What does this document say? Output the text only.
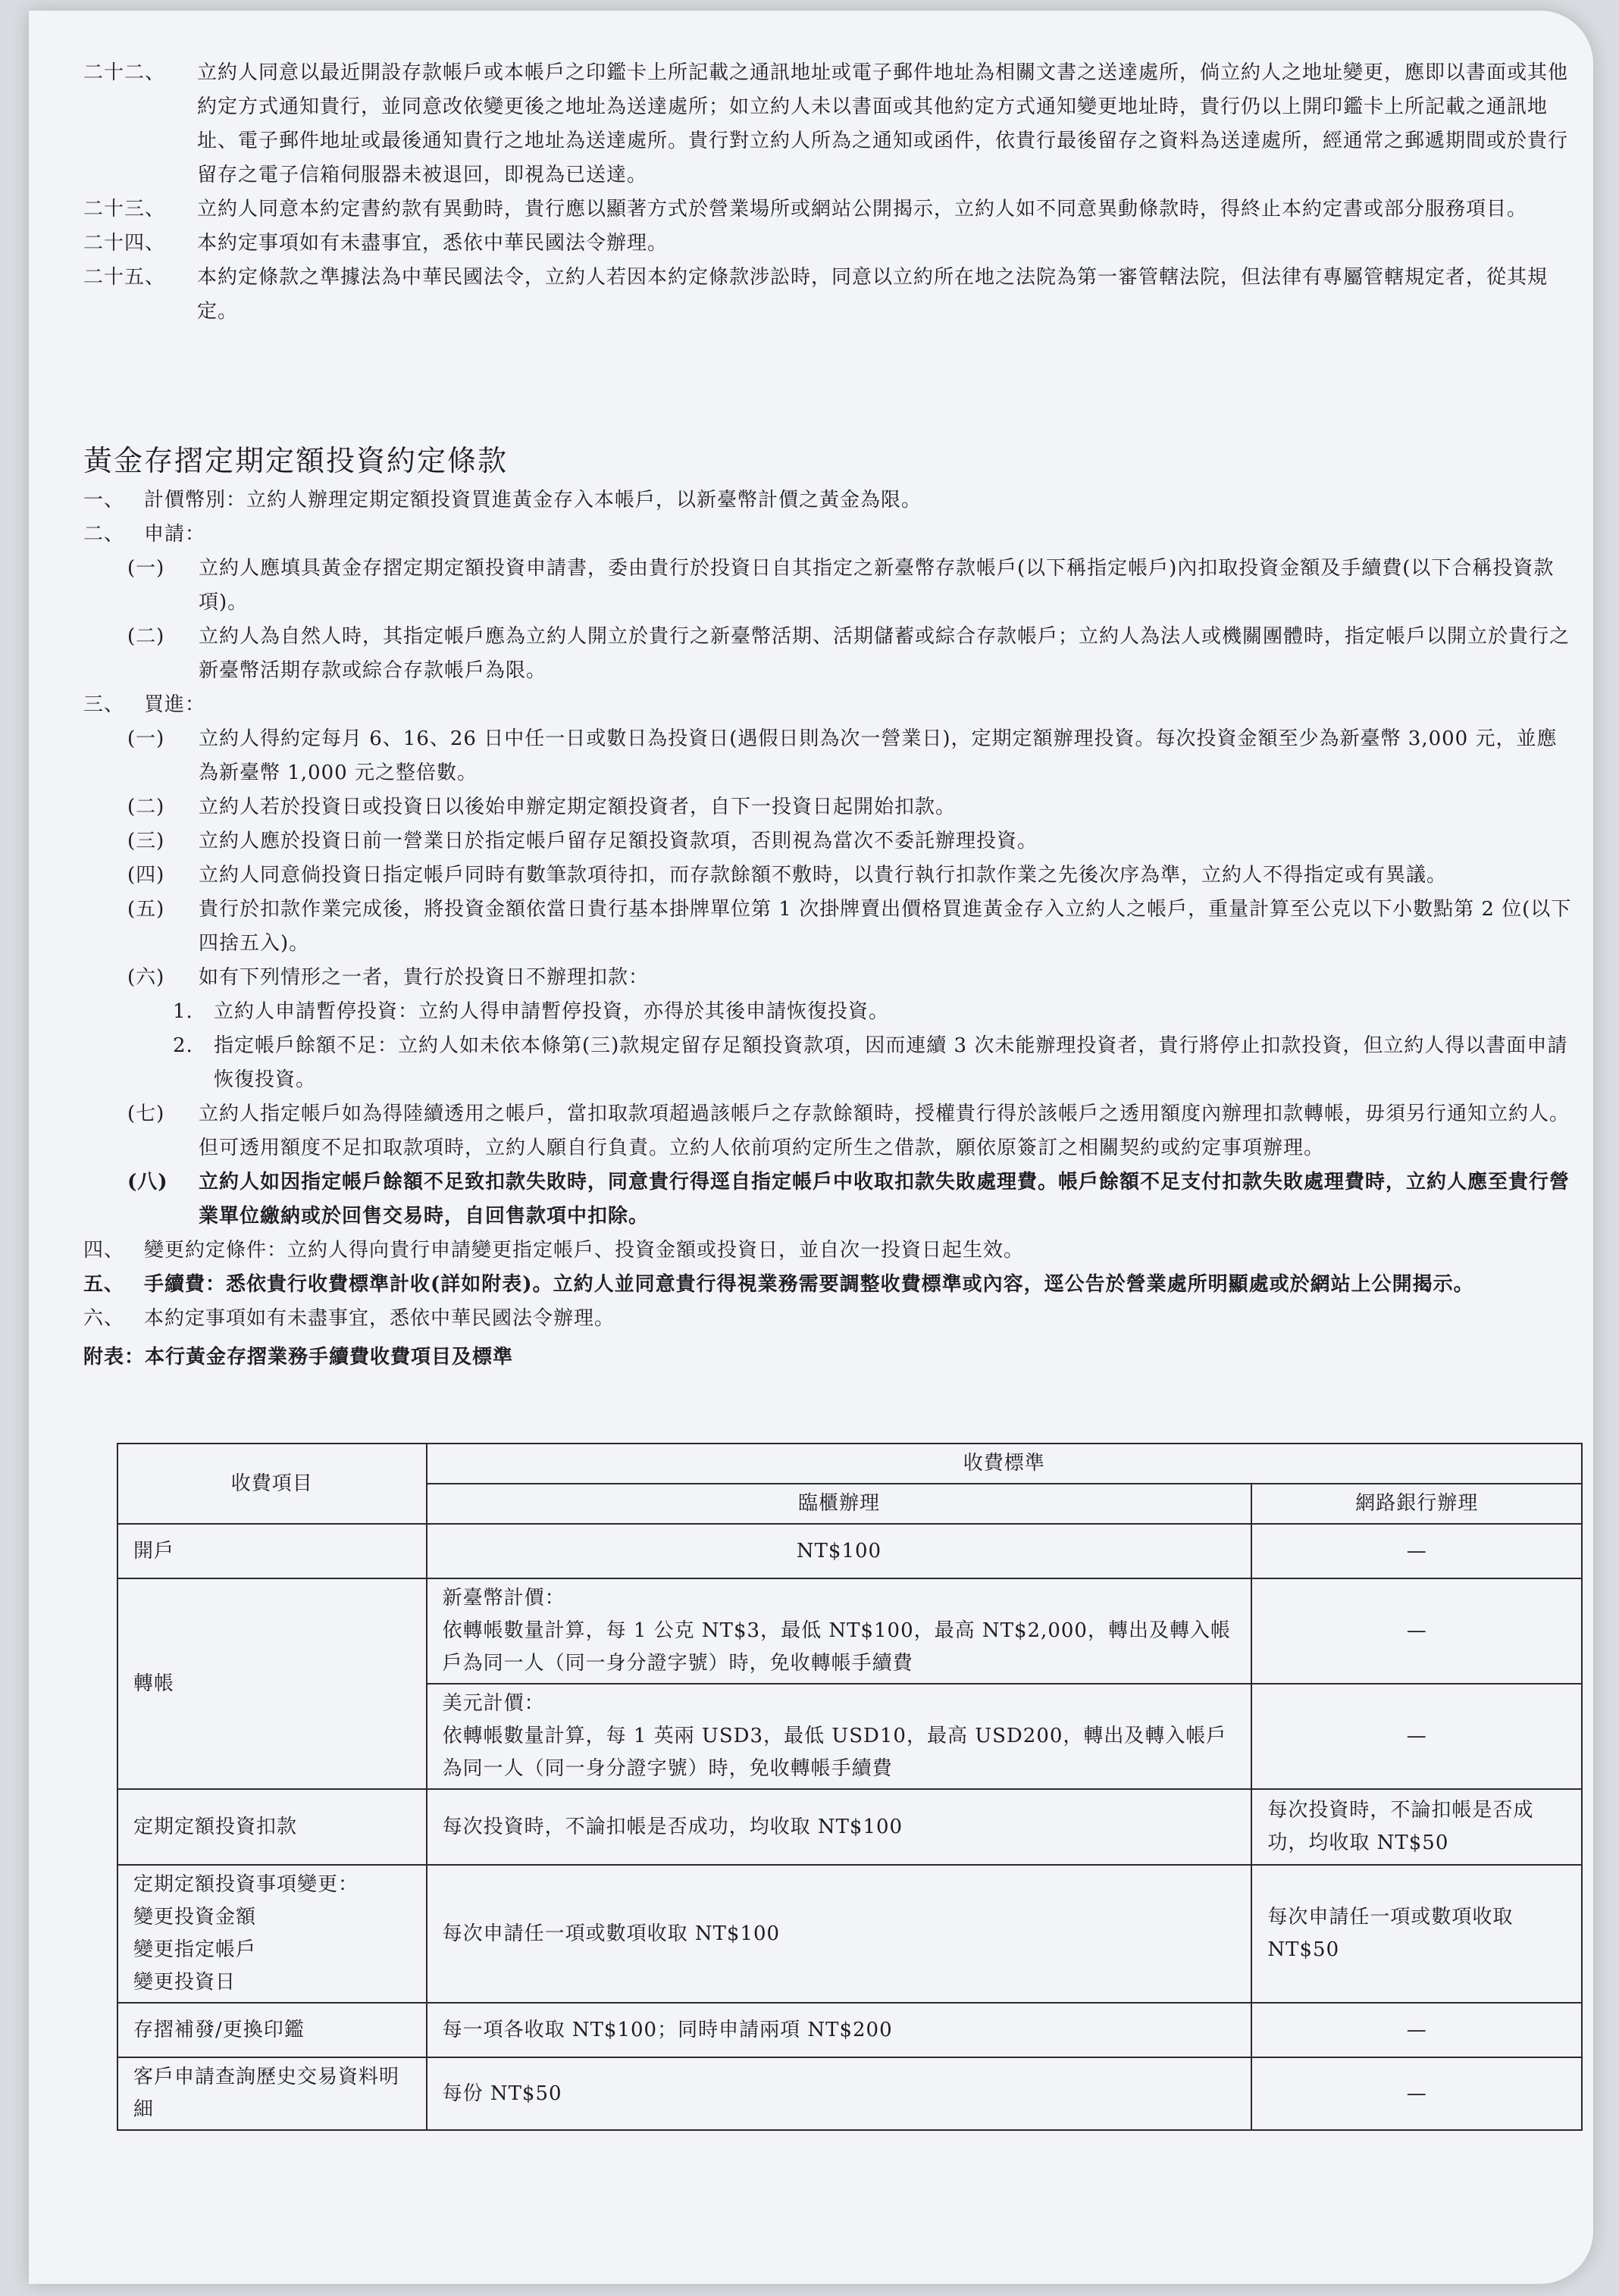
二十二、 立約人同意以最近開設存款帳戶或本帳戶之印鑑卡上所記載之通訊地址或電子郵件地址為相關文書之送達處所，倘立約人之地址變更，應即以書面或其他約定方式通知貴行，並同意改依變更後之地址為送達處所；如立約人未以書面或其他約定方式通知變更地址時，貴行仍以上開印鑑卡上所記載之通訊地址、電子郵件地址或最後通知貴行之地址為送達處所。貴行對立約人所為之通知或函件，依貴行最後留存之資料為送達處所，經通常之郵遞期間或於貴行留存之電子信箱伺服器未被退回，即視為已送達。
二十三、 立約人同意本約定書約款有異動時，貴行應以顯著方式於營業場所或網站公開揭示，立約人如不同意異動條款時，得終止本約定書或部分服務項目。
二十四、 本約定事項如有未盡事宜，悉依中華民國法令辦理。
二十五、 本約定條款之準據法為中華民國法令，立約人若因本約定條款涉訟時，同意以立約所在地之法院為第一審管轄法院，但法律有專屬管轄規定者，從其規定。
黃金存摺定期定額投資約定條款
一、 計價幣別：立約人辦理定期定額投資買進黃金存入本帳戶，以新臺幣計價之黃金為限。
二、 申請：
(一) 立約人應填具黃金存摺定期定額投資申請書，委由貴行於投資日自其指定之新臺幣存款帳戶(以下稱指定帳戶)內扣取投資金額及手續費(以下合稱投資款項)。
(二) 立約人為自然人時，其指定帳戶應為立約人開立於貴行之新臺幣活期、活期儲蓄或綜合存款帳戶；立約人為法人或機關團體時，指定帳戶以開立於貴行之新臺幣活期存款或綜合存款帳戶為限。
三、 買進：
(一) 立約人得約定每月 6、16、26 日中任一日或數日為投資日(遇假日則為次一營業日)，定期定額辦理投資。每次投資金額至少為新臺幣 3,000 元，並應為新臺幣 1,000 元之整倍數。
(二) 立約人若於投資日或投資日以後始申辦定期定額投資者，自下一投資日起開始扣款。
(三) 立約人應於投資日前一營業日於指定帳戶留存足額投資款項，否則視為當次不委託辦理投資。
(四) 立約人同意倘投資日指定帳戶同時有數筆款項待扣，而存款餘額不敷時，以貴行執行扣款作業之先後次序為準，立約人不得指定或有異議。
(五) 貴行於扣款作業完成後，將投資金額依當日貴行基本掛牌單位第 1 次掛牌賣出價格買進黃金存入立約人之帳戶，重量計算至公克以下小數點第 2 位(以下四捨五入)。
(六) 如有下列情形之一者，貴行於投資日不辦理扣款：
1. 立約人申請暫停投資：立約人得申請暫停投資，亦得於其後申請恢復投資。
2. 指定帳戶餘額不足：立約人如未依本條第(三)款規定留存足額投資款項，因而連續 3 次未能辦理投資者，貴行將停止扣款投資，但立約人得以書面申請恢復投資。
(七) 立約人指定帳戶如為得陸續透用之帳戶，當扣取款項超過該帳戶之存款餘額時，授權貴行得於該帳戶之透用額度內辦理扣款轉帳，毋須另行通知立約人。但可透用額度不足扣取款項時，立約人願自行負責。立約人依前項約定所生之借款，願依原簽訂之相關契約或約定事項辦理。
(八) 立約人如因指定帳戶餘額不足致扣款失敗時，同意貴行得逕自指定帳戶中收取扣款失敗處理費。帳戶餘額不足支付扣款失敗處理費時，立約人應至貴行營業單位繳納或於回售交易時，自回售款項中扣除。
四、 變更約定條件：立約人得向貴行申請變更指定帳戶、投資金額或投資日，並自次一投資日起生效。
五、 手續費：悉依貴行收費標準計收(詳如附表)。立約人並同意貴行得視業務需要調整收費標準或內容，逕公告於營業處所明顯處或於網站上公開揭示。
六、 本約定事項如有未盡事宜，悉依中華民國法令辦理。
附表：本行黃金存摺業務手續費收費項目及標準
收費項目	收費標準	
	臨櫃辦理	網路銀行辦理
開戶	NT$100	—
轉帳	新臺幣計價：
依轉帳數量計算，每 1 公克 NT$3，最低 NT$100，最高 NT$2,000，轉出及轉入帳戶為同一人（同一身分證字號）時，免收轉帳手續費	—
	美元計價：
依轉帳數量計算，每 1 英兩 USD3，最低 USD10，最高 USD200，轉出及轉入帳戶為同一人（同一身分證字號）時，免收轉帳手續費	—
定期定額投資扣款	每次投資時，不論扣帳是否成功，均收取 NT$100	每次投資時，不論扣帳是否成功，均收取 NT$50
定期定額投資事項變更：
變更投資金額
變更指定帳戶
變更投資日	每次申請任一項或數項收取 NT$100	每次申請任一項或數項收取 NT$50
存摺補發/更換印鑑	每一項各收取 NT$100；同時申請兩項 NT$200	—
客戶申請查詢歷史交易資料明細	每份 NT$50	—
